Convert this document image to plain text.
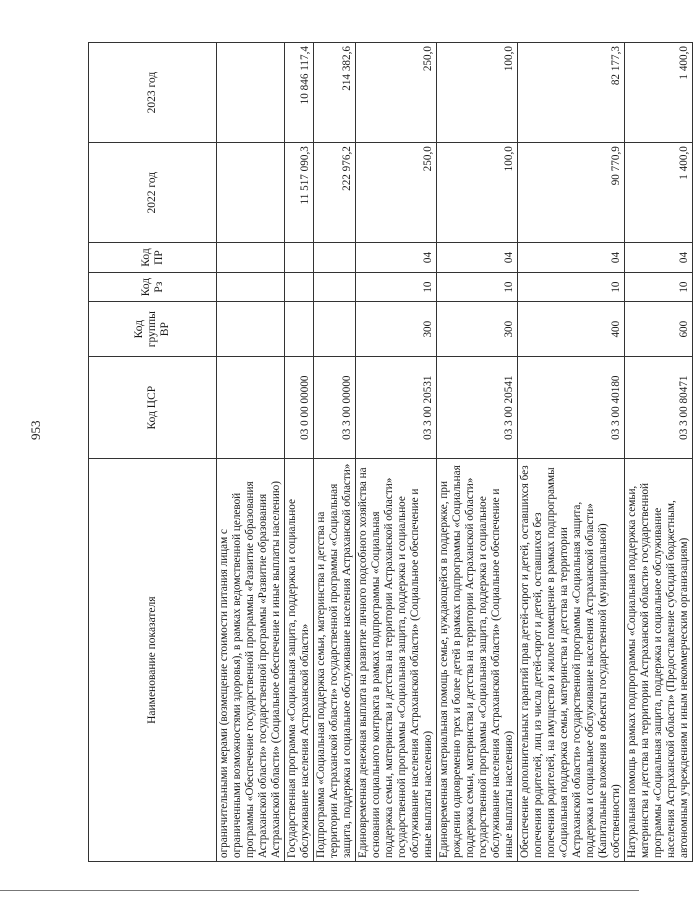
953
Наименование показателя	Код ЦСР	Код группы ВР	Код Рз	Код ПР	2022 год	2023 год
ограничительными мерами (возмещение стоимости питания лицам с ограниченными возможностями здоровья), в рамках ведомственной целевой программы «Обеспечение государственной программы «Развитие образования Астраханской области» государственной программы «Развитие образования Астраханской области» (Социальное обеспечение и иные выплаты населению)						
Государственная программа «Социальная защита, поддержка и социальное обслуживание населения Астраханской области»	03 0 00 00000				11 517 090,3	10 846 117,4
Подпрограмма «Социальная поддержка семьи, материнства и детства на территории Астраханской области» государственной программы «Социальная защита, поддержка и социальное обслуживание населения Астраханской области»	03 3 00 00000				222 976,2	214 382,6
Единовременная денежная выплата на развитие личного подсобного хозяйства на основании социального контракта в рамках подпрограммы «Социальная поддержка семьи, материнства и детства на территории Астраханской области» государственной программы «Социальная защита, поддержка и социальное обслуживание населения Астраханской области» (Социальное обеспечение и иные выплаты населению)	03 3 00 20531	300	10	04	250,0	250,0
Единовременная материальная помощь семье, нуждающейся в поддержке, при рождении одновременно трех и более детей в рамках подпрограммы «Социальная поддержка семьи, материнства и детства на территории Астраханской области» государственной программы «Социальная защита, поддержка и социальное обслуживание населения Астраханской области» (Социальное обеспечение и иные выплаты населению)	03 3 00 20541	300	10	04	100,0	100,0
Обеспечение дополнительных гарантий прав детей-сирот и детей, оставшихся без попечения родителей, лиц из числа детей-сирот и детей, оставшихся без попечения родителей, на имущество и жилое помещение в рамках подпрограммы «Социальная поддержка семьи, материнства и детства на территории Астраханской области» государственной программы «Социальная защита, поддержка и социальное обслуживание населения Астраханской области» (Капитальные вложения в объекты государственной (муниципальной) собственности)	03 3 00 40180	400	10	04	90 770,9	82 177,3
Натуральная помощь в рамках подпрограммы «Социальная поддержка семьи, материнства и детства на территории Астраханской области» государственной программы «Социальная защита, поддержка и социальное обслуживание населения Астраханской области» (Предоставление субсидий бюджетным, автономным учреждениям и иным некоммерческим организациям)	03 3 00 80471	600	10	04	1 400,0	1 400,0
